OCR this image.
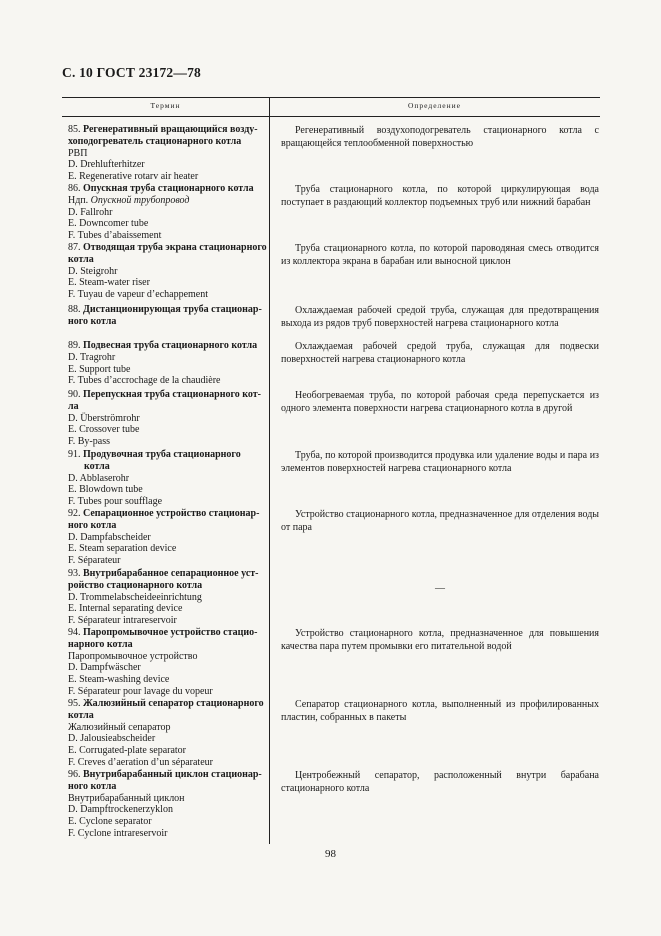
С. 10 ГОСТ 23172—78
Термин	Определение
85. Регенеративный вращающийся возду-
хоподогреватель стационарного котла
РВП
D. Drehlufterhitzer
E. Regenerative rotarv air heater
Регенеративный воздухоподогреватель стационарного котла с вращающейся теплообменной поверхностью
86. Опускная труба стационарного котла
Ндп. Опускной трубопровод
D. Fallrohr
E. Downcomer tube
F. Tubes d’abaissement
Труба стационарного котла, по которой циркулирующая вода поступает в раздающий коллектор подъемных труб или нижний барабан
87. Отводящая труба экрана стационарного
котла
D. Steigrohr
E. Steam-water riser
F. Tuyau de vapeur d’echappement
Труба стационарного котла, по которой пароводяная смесь отводится из коллектора экрана в барабан или выносной циклон
88. Дистанционирующая труба стационар-
ного котла
Охлаждаемая рабочей средой труба, служащая для предотвращения выхода из рядов труб поверхностей нагрева стационарного котла
89. Подвесная труба стационарного котла
D. Tragrohr
E. Support tube
F. Tubes d’accrochage de la chaudière
Охлаждаемая рабочей средой труба, служащая для подвески поверхностей нагрева стационарного котла
90. Перепускная труба стационарного кот-
ла
D. Überströmrohr
E. Crossover tube
F. By-pass
Необогреваемая труба, по которой рабочая среда перепускается из одного элемента поверхности нагрева стационарного котла в другой
91. Продувочная труба стационарного котла
D. Abblaserohr
E. Blowdown tube
F. Tubes pour soufflage
Труба, по которой производится продувка или удаление воды и пара из элементов поверхностей нагрева стационарного котла
92. Сепарационное устройство стационар-
ного котла
D. Dampfabscheider
E. Steam separation device
F. Séparateur
Устройство стационарного котла, предназначенное для отделения воды от пара
93. Внутрибарабанное сепарационное уст-
ройство стационарного котла
D. Trommelabscheideeinrichtung
E. Internal separating device
F. Séparateur intrareservoir
—
94. Паропромывочное устройство стацио-
нарного котла
Паропромывочное устройство
D. Dampfwäscher
E. Steam-washing device
F. Séparateur pour lavage du vopeur
Устройство стационарного котла, предназначенное для повышения качества пара путем промывки его питательной водой
95. Жалюзийный сепаратор стационарного
котла
Жалюзийный сепаратор
D. Jalousieabscheider
E. Corrugated-plate separator
F. Creves d’aeration d’un séparateur
Сепаратор стационарного котла, выполненный из профилированных пластин, собранных в пакеты
96. Внутрибарабанный циклон стационар-
ного котла
Внутрибарабанный циклон
D. Dampftrockenerzyklon
E. Cyclone separator
F. Cyclone intrareservoir
Центробежный сепаратор, расположенный внутри барабана стационарного котла
98
